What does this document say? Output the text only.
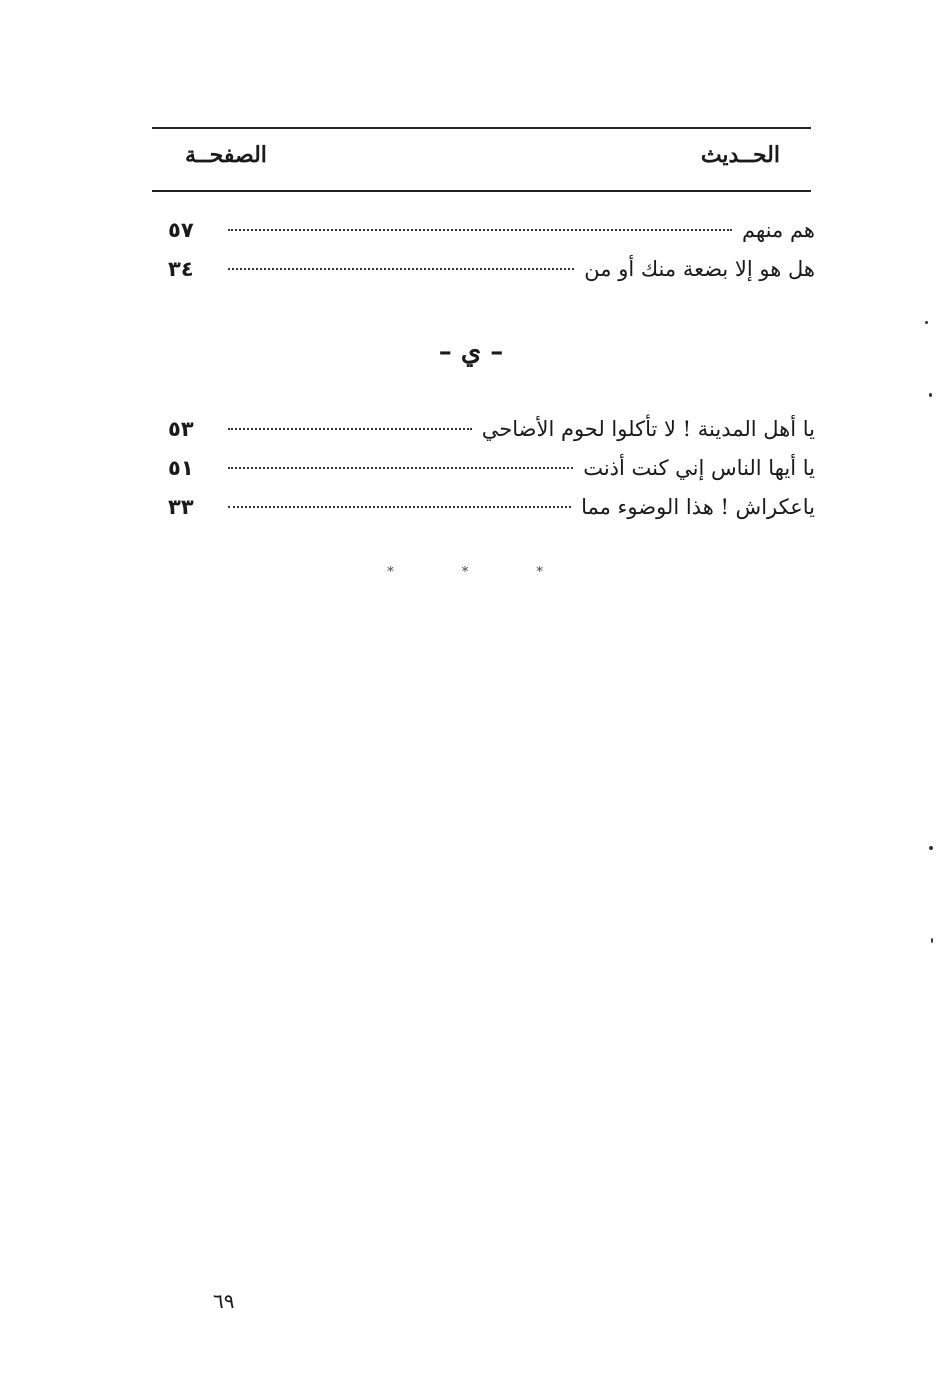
الحــديث
الصفحــة
هم منهم
٥٧
هل هو إلا بضعة منك أو من
٣٤
– ي –
يا أهل المدينة ! لا تأكلوا لحوم الأضاحي
٥٣
يا أيها الناس إني كنت أذنت
٥١
ياعكراش ! هذا الوضوء مما
٣٣
* * *
٦٩
